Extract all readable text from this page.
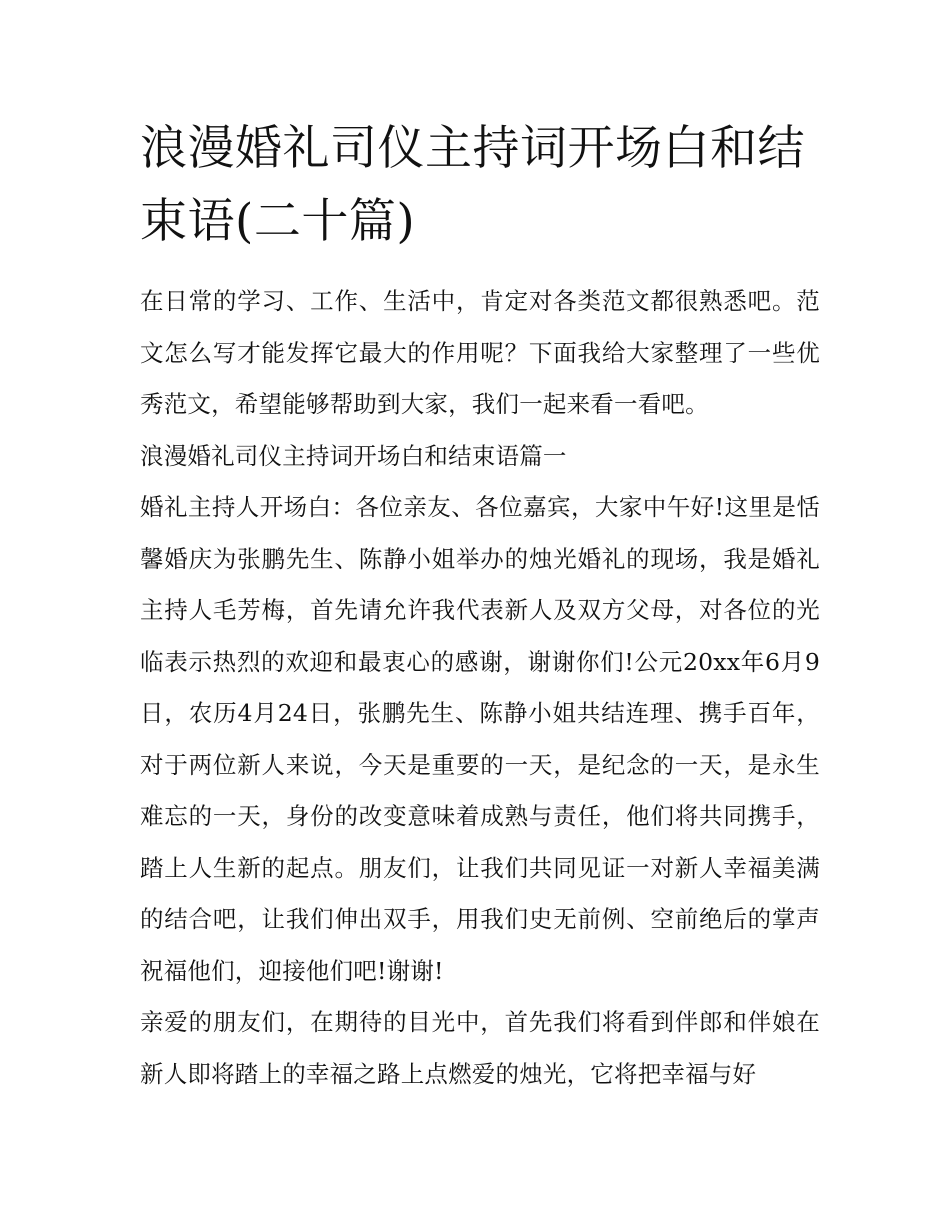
浪漫婚礼司仪主持词开场白和结束语(二十篇)

在日常的学习、工作、生活中，肯定对各类范文都很熟悉吧。范文怎么写才能发挥它最大的作用呢？下面我给大家整理了一些优秀范文，希望能够帮助到大家，我们一起来看一看吧。

浪漫婚礼司仪主持词开场白和结束语篇一

婚礼主持人开场白：各位亲友、各位嘉宾，大家中午好!这里是恬馨婚庆为张鹏先生、陈静小姐举办的烛光婚礼的现场，我是婚礼主持人毛芳梅，首先请允许我代表新人及双方父母，对各位的光临表示热烈的欢迎和最衷心的感谢，谢谢你们!公元20xx年6月9日，农历4月24日，张鹏先生、陈静小姐共结连理、携手百年，对于两位新人来说，今天是重要的一天，是纪念的一天，是永生难忘的一天，身份的改变意味着成熟与责任，他们将共同携手，踏上人生新的起点。朋友们，让我们共同见证一对新人幸福美满的结合吧，让我们伸出双手，用我们史无前例、空前绝后的掌声祝福他们，迎接他们吧!谢谢!

亲爱的朋友们，在期待的目光中，首先我们将看到伴郎和伴娘在新人即将踏上的幸福之路上点燃爱的烛光，它将把幸福与好
